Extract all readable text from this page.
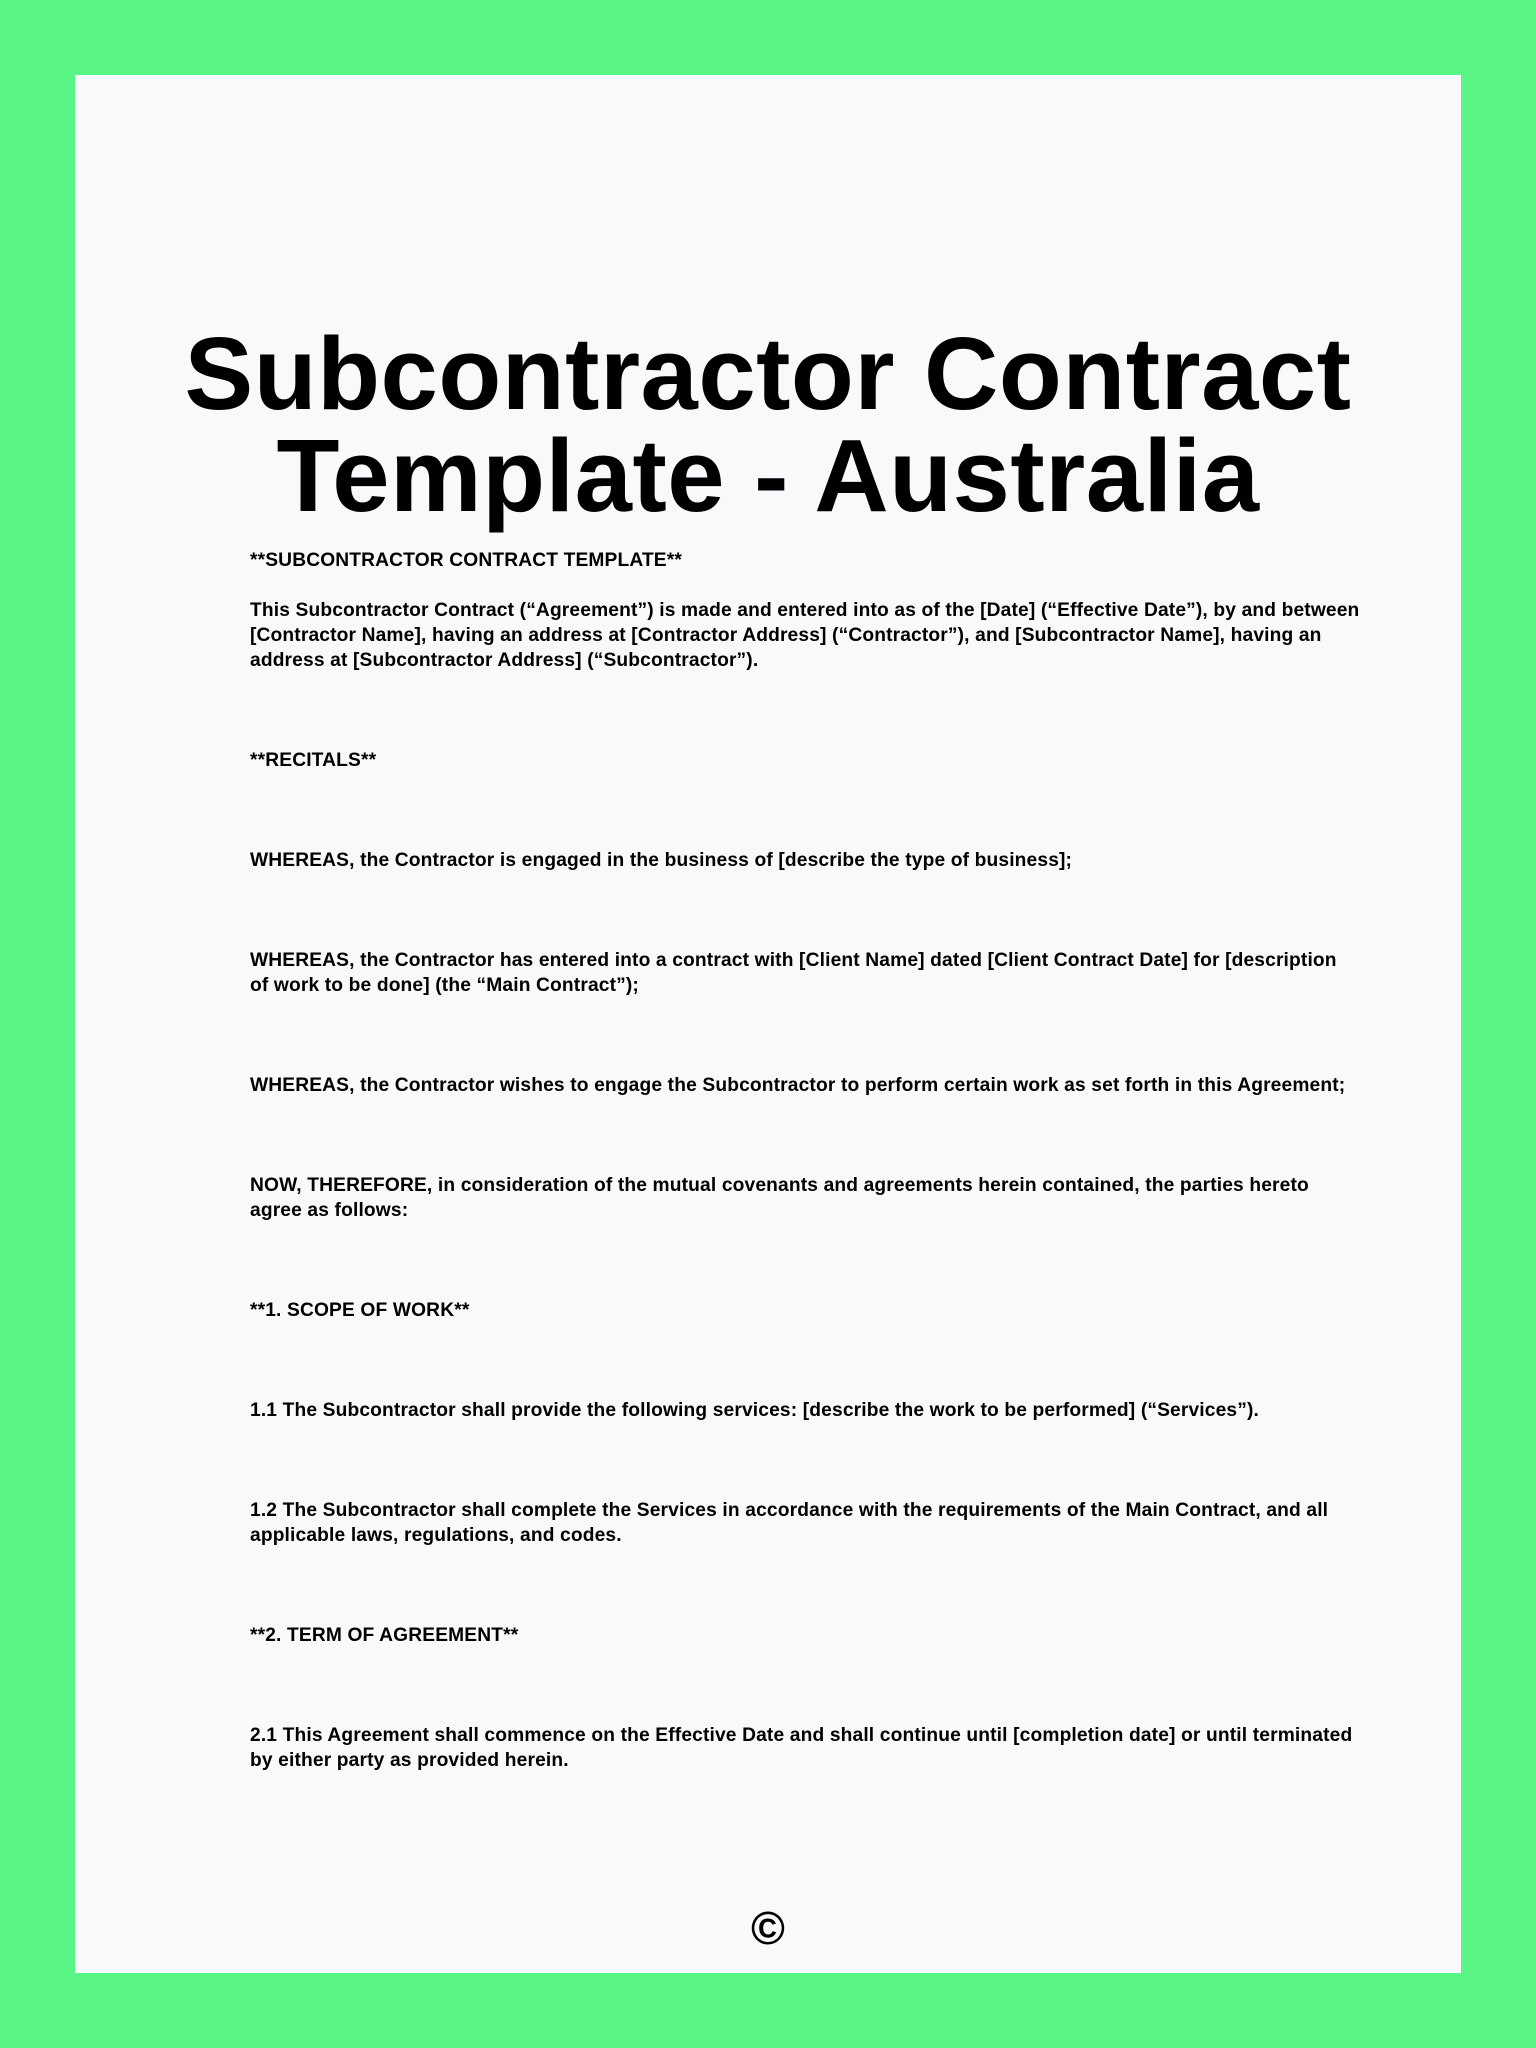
Subcontractor Contract
Template - Australia

**SUBCONTRACTOR CONTRACT TEMPLATE**

This Subcontractor Contract (“Agreement”) is made and entered into as of the [Date] (“Effective Date”), by and between [Contractor Name], having an address at [Contractor Address] (“Contractor”), and [Subcontractor Name], having an address at [Subcontractor Address] (“Subcontractor”).

**RECITALS**

WHEREAS, the Contractor is engaged in the business of [describe the type of business];

WHEREAS, the Contractor has entered into a contract with [Client Name] dated [Client Contract Date] for [description of work to be done] (the “Main Contract”);

WHEREAS, the Contractor wishes to engage the Subcontractor to perform certain work as set forth in this Agreement;

NOW, THEREFORE, in consideration of the mutual covenants and agreements herein contained, the parties hereto agree as follows:

**1. SCOPE OF WORK**

1.1 The Subcontractor shall provide the following services: [describe the work to be performed] (“Services”).

1.2 The Subcontractor shall complete the Services in accordance with the requirements of the Main Contract, and all applicable laws, regulations, and codes.

**2. TERM OF AGREEMENT**

2.1 This Agreement shall commence on the Effective Date and shall continue until [completion date] or until terminated by either party as provided herein.

©
